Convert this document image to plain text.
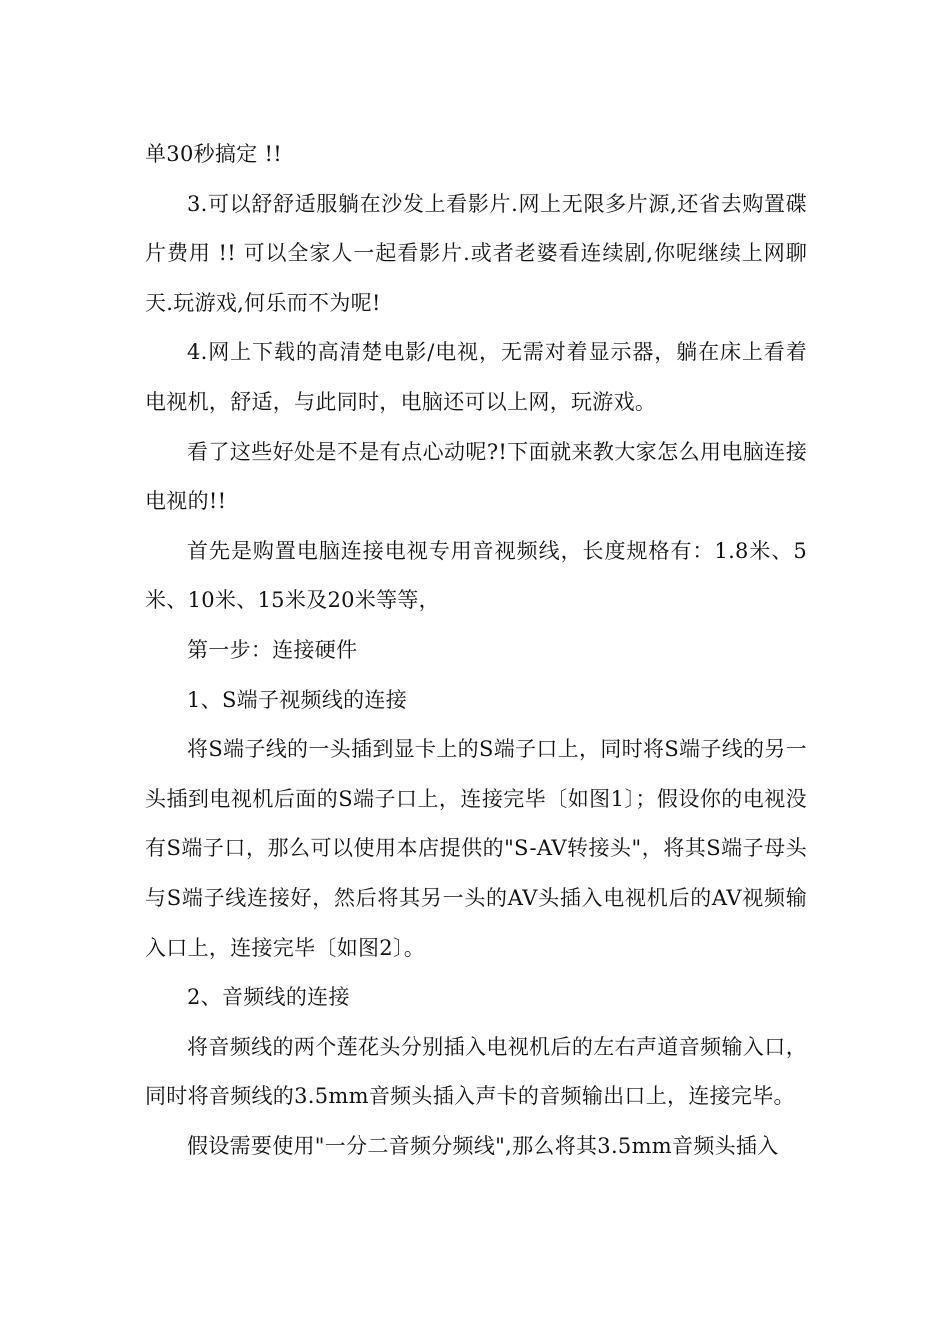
单30秒搞定 !!

3.可以舒舒适服躺在沙发上看影片.网上无限多片源,还省去购置碟片费用 !! 可以全家人一起看影片.或者老婆看连续剧,你呢继续上网聊天.玩游戏,何乐而不为呢!

4.网上下载的高清楚电影/电视，无需对着显示器，躺在床上看着电视机，舒适，与此同时，电脑还可以上网，玩游戏。

看了这些好处是不是有点心动呢?!下面就来教大家怎么用电脑连接电视的!!

首先是购置电脑连接电视专用音视频线，长度规格有：1.8米、5米、10米、15米及20米等等，

第一步：连接硬件

1、S端子视频线的连接

将S端子线的一头插到显卡上的S端子口上，同时将S端子线的另一头插到电视机后面的S端子口上，连接完毕〔如图1〕；假设你的电视没有S端子口，那么可以使用本店提供的"S-AV转接头"，将其S端子母头与S端子线连接好，然后将其另一头的AV头插入电视机后的AV视频输入口上，连接完毕〔如图2〕。

2、音频线的连接

将音频线的两个莲花头分别插入电视机后的左右声道音频输入口，同时将音频线的3.5mm音频头插入声卡的音频输出口上，连接完毕。

假设需要使用"一分二音频分频线",那么将其3.5mm音频头插入
